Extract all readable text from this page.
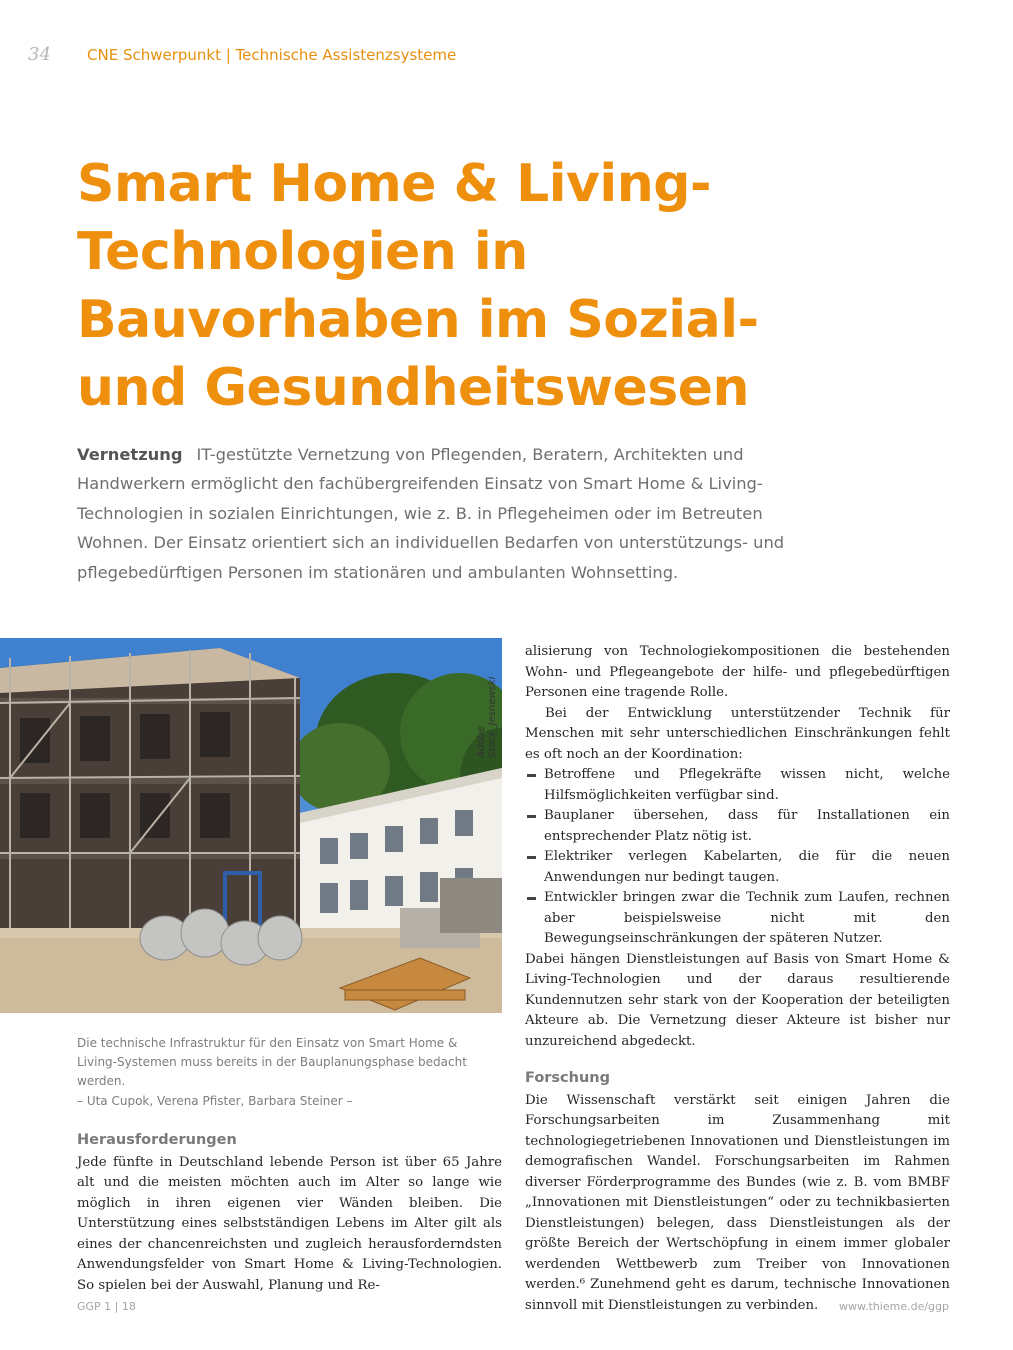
34 CNE Schwerpunkt | Technische Assistenzsysteme
Smart Home & Living-Technologien in Bauvorhaben im Sozial- und Gesundheitswesen

Vernetzung IT-gestützte Vernetzung von Pflegenden, Beratern, Architekten und Handwerkern ermöglicht den fachübergreifenden Einsatz von Smart Home & Living-Technologien in sozialen Einrichtungen, wie z. B. in Pflegeheimen oder im Betreuten Wohnen. Der Einsatz orientiert sich an individuellen Bedarfen von unterstützungs- und pflegebedürftigen Personen im stationären und ambulanten Wohnsetting.

Adobe Stock_Jesnewski

Die technische Infrastruktur für den Einsatz von Smart Home & Living-Systemen muss bereits in der Bauplanungsphase bedacht werden.

– Uta Cupok, Verena Pfister, Barbara Steiner –

Herausforderungen

Jede fünfte in Deutschland lebende Person ist über 65 Jahre alt und die meisten möchten auch im Alter so lange wie möglich in ihren eigenen vier Wänden bleiben. Die Unterstützung eines selbstständigen Lebens im Alter gilt als eines der chancenreichsten und zugleich herausforderndsten Anwendungsfelder von Smart Home & Living-Technologien. So spielen bei der Auswahl, Planung und Re-

alisierung von Technologiekompositionen die bestehenden Wohn- und Pflegeangebote der hilfe- und pflegebedürftigen Personen eine tragende Rolle.

Bei der Entwicklung unterstützender Technik für Menschen mit sehr unterschiedlichen Einschränkungen fehlt es oft noch an der Koordination:

Betroffene und Pflegekräfte wissen nicht, welche Hilfsmöglichkeiten verfügbar sind.
Bauplaner übersehen, dass für Installationen ein entsprechender Platz nötig ist.
Elektriker verlegen Kabelarten, die für die neuen Anwendungen nur bedingt taugen.
Entwickler bringen zwar die Technik zum Laufen, rechnen aber beispielsweise nicht mit den Bewegungseinschränkungen der späteren Nutzer.

Dabei hängen Dienstleistungen auf Basis von Smart Home & Living-Technologien und der daraus resultierende Kundennutzen sehr stark von der Kooperation der beteiligten Akteure ab. Die Vernetzung dieser Akteure ist bisher nur unzureichend abgedeckt.

Forschung

Die Wissenschaft verstärkt seit einigen Jahren die Forschungsarbeiten im Zusammenhang mit technologiegetriebenen Innovationen und Dienstleistungen im demografischen Wandel. Forschungsarbeiten im Rahmen diverser Förderprogramme des Bundes (wie z. B. vom BMBF „Innovationen mit Dienstleistungen“ oder zu technikbasierten Dienstleistungen) belegen, dass Dienstleistungen als der größte Bereich der Wertschöpfung in einem immer globaler werdenden Wettbewerb zum Treiber von Innovationen werden.⁶ Zunehmend geht es darum, technische Innovationen sinnvoll mit Dienstleistungen zu verbinden.

GGP 1 | 18	www.thieme.de/ggp
